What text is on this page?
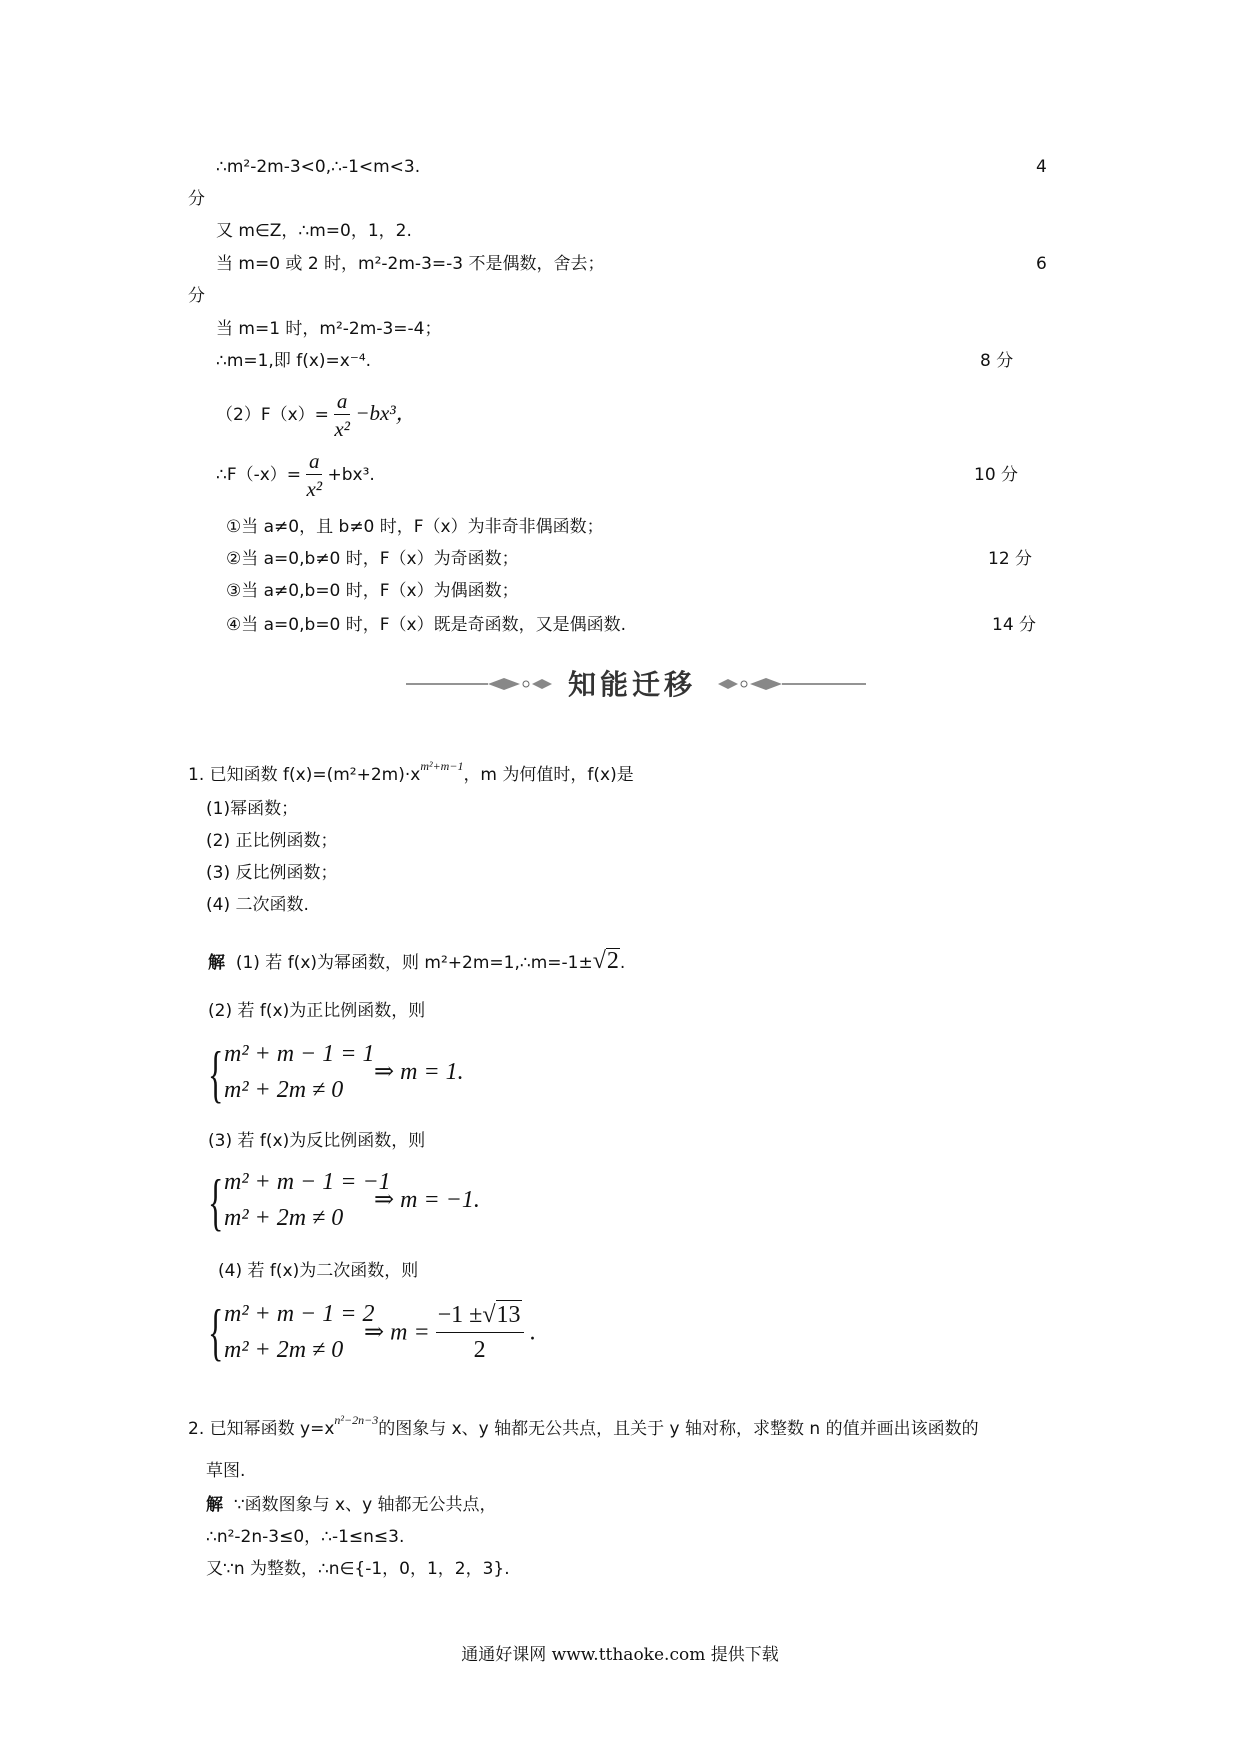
∴m²-2m-3<0,∴-1<m<3.	4
分
又 m∈Z，∴m=0，1，2.
当 m=0 或 2 时，m²-2m-3=-3 不是偶数，舍去；	6
分
当 m=1 时，m²-2m-3=-4；
∴m=1,即 f(x)=x⁻⁴.	8 分
$(2)F(x)= \frac{a}{\text{x²}} -bx^3$，
∴F（-x）= $\frac{a}{\text{x²}} +bx^3$.	10 分
①当 a≠0，且 b≠0 时，F（x）为非奇非偶函数；
②当 a=0,b≠0 时，F（x）为奇函数；	12 分
③当 a≠0,b=0 时，F（x）为偶函数；
④当 a=0,b=0 时，F（x）既是奇函数，又是偶函数.	14 分
知能迁移
1. 已知函数 $f(x)=(m^2+2m)\cdot x^{m^2+m-1}$，m 为何值时，f(x)是
(1)幂函数；
(2) 正比例函数；
(3) 反比例函数；
(4) 二次函数.
解 (1) 若 f(x)为幂函数，则 m²+2m=1,∴m=-1±√2.
(2) 若 f(x)为正比例函数，则
{ m² + m − 1 = 1
m² + 2m ≠ 0
⇒ m = 1.
(3) 若 f(x)为反比例函数，则
{ m² + m − 1 = −1
m² + 2m ≠ 0
⇒ m = −1.
(4) 若 f(x)为二次函数，则
{ m² + m − 1 = 2
m² + 2m ≠ 0
⇒ $m = \frac{-1 \pm√13}{2}$ .
2. 已知幂函数 $y=x^{n^2-2n-3}$的图象与 x、y 轴都无公共点，且关于 y 轴对称，求整数 n 的值并画出该函数的
草图.
解 ∵函数图象与 x、y 轴都无公共点，
∴n²-2n-3≤0，∴-1≤n≤3.
又∵n 为整数，∴n∈{-1，0，1，2，3}.
通通好课网 www.tthaoke.com 提供下载
